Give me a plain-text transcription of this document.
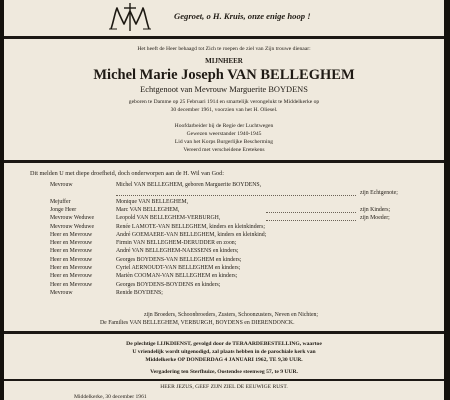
Gegroet, o H. Kruis, onze enige hoop !
Het heeft de Heer behaagd tot Zich te roepen de ziel van Zijn trouwe dienaar:
MIJNHEER
Michel Marie Joseph VAN BELLEGHEM
Echtgenoot van Mevrouw Marguerite BOYDENS
geboren te Damme op 25 Februari 1914 en smartelijk verongelukt te Middelkerke op
30 december 1961, voorzien van het H. Oliesel.
Hoofdarbeider bij de Regie der Luchtwegen
Gewezen weerstander 1940-1945
Lid van het Korps Burgerlijke Bescherming
Vereerd met verscheidene Eretekens
Dit melden U met diepe droefheid, doch onderworpen aan de H. Wil van God:
Mevrouw	Michel VAN BELLEGHEM, geboren Marguerite BOYDENS,
zijn Echtgenote;
Mejuffer	Monique VAN BELLEGHEM,
Jonge Heer	Marc VAN BELLEGHEM,	zijn Kinders;
Mevrouw Weduwe	Leopold VAN BELLEGHEM-VERBURGH,	zijn Moeder;
Mevrouw Weduwe	Renée LAMOTE-VAN BELLEGHEM, kinders en kleinkinders;
Heer en Mevrouw	André GOEMAERE-VAN BELLEGHEM, kinders en kleinkind;
Heer en Mevrouw	Firmin VAN BELLEGHEM-DERUDDER en zoon;
Heer en Mevrouw	André VAN BELLEGHEM-NAESSENS en kinders;
Heer en Mevrouw	Georges BOYDENS-VAN BELLEGHEM en kinders;
Heer en Mevrouw	Cyriel AERNOUDT-VAN BELLEGHEM en kinders;
Heer en Mevrouw	Marièn COOMAN-VAN BELLEGHEM en kinders;
Heer en Mevrouw	Georges BOYDENS-BOYDENS en kinders;
Mevrouw	Renide BOYDENS;
zijn Broeders, Schoonbroeders, Zusters, Schoonzusters, Neven en Nichten;
De Families VAN BELLEGHEM, VERBURGH, BOYDENS en DIERENDONCK.
De plechtige LIJKDIENST, gevolgd door de TERAARDEBESTELLING, waartoe
U vriendelijk wordt uitgenodigd, zal plaats hebben in de parochiale kerk van
Middelkerke OP DONDERDAG 4 JANUARI 1962, TE 9,30 UUR.
Vergadering ten Sterfhuize, Oostendse steenweg 57, te 9 UUR.
HEER JEZUS, GEEF ZIJN ZIEL DE EEUWIGE RUST.
Middelkerke, 30 december 1961
